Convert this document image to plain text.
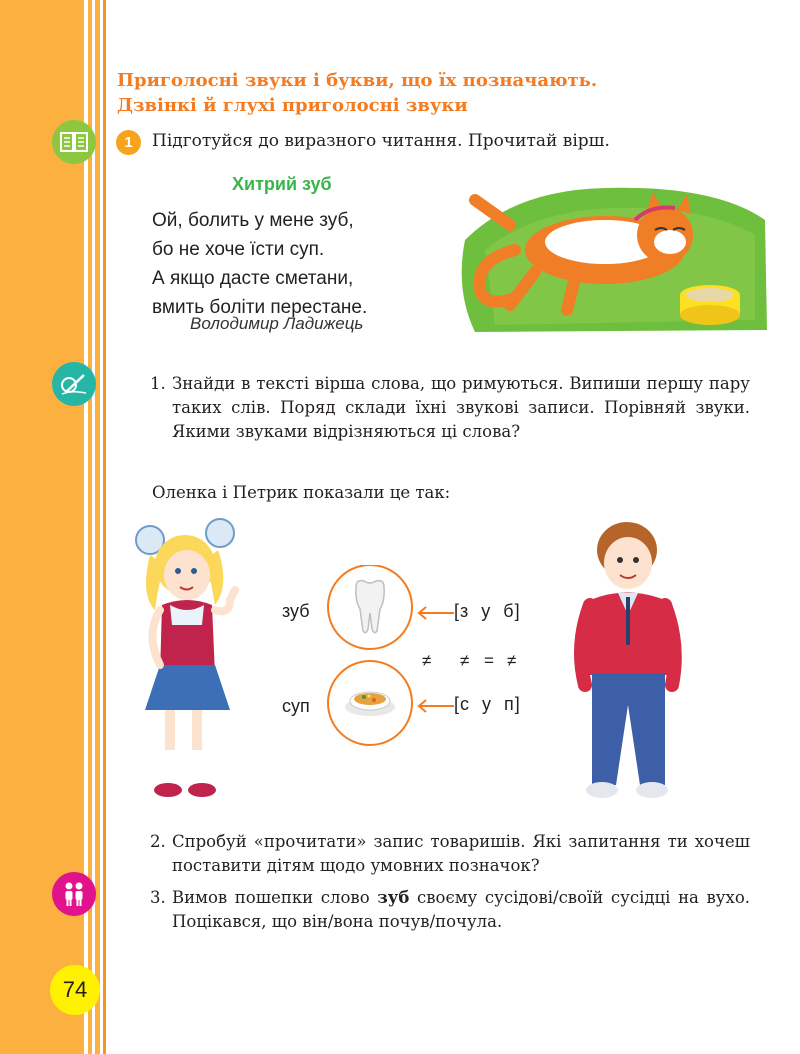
Приголосні звуки і букви, що їх позначають.
Дзвінкі й глухі приголосні звуки
1	Підготуйся до виразного читання. Прочитай вірш.
Хитрий зуб
Ой, болить у мене зуб,
бо не хоче їсти суп.
А якщо дасте сметани,
вмить боліти перестане.
Володимир Ладижець
1. Знайди в тексті вірша слова, що римуються. Випиши першу пару таких слів. Поряд склади їхні звукові записи. Порівняй звуки. Якими звуками відрізняються ці слова?
Оленка і Петрик показали це так:
зуб
суп
[з  у  б]
[с  у  п]
≠ ≠ = ≠
2. Спробуй «прочитати» запис товаришів. Які запитання ти хочеш поставити дітям щодо умовних позначок?
3. Вимов пошепки слово зуб своєму сусідові/своїй сусідці на вухо. Поцікався, що він/вона почув/почула.
74
